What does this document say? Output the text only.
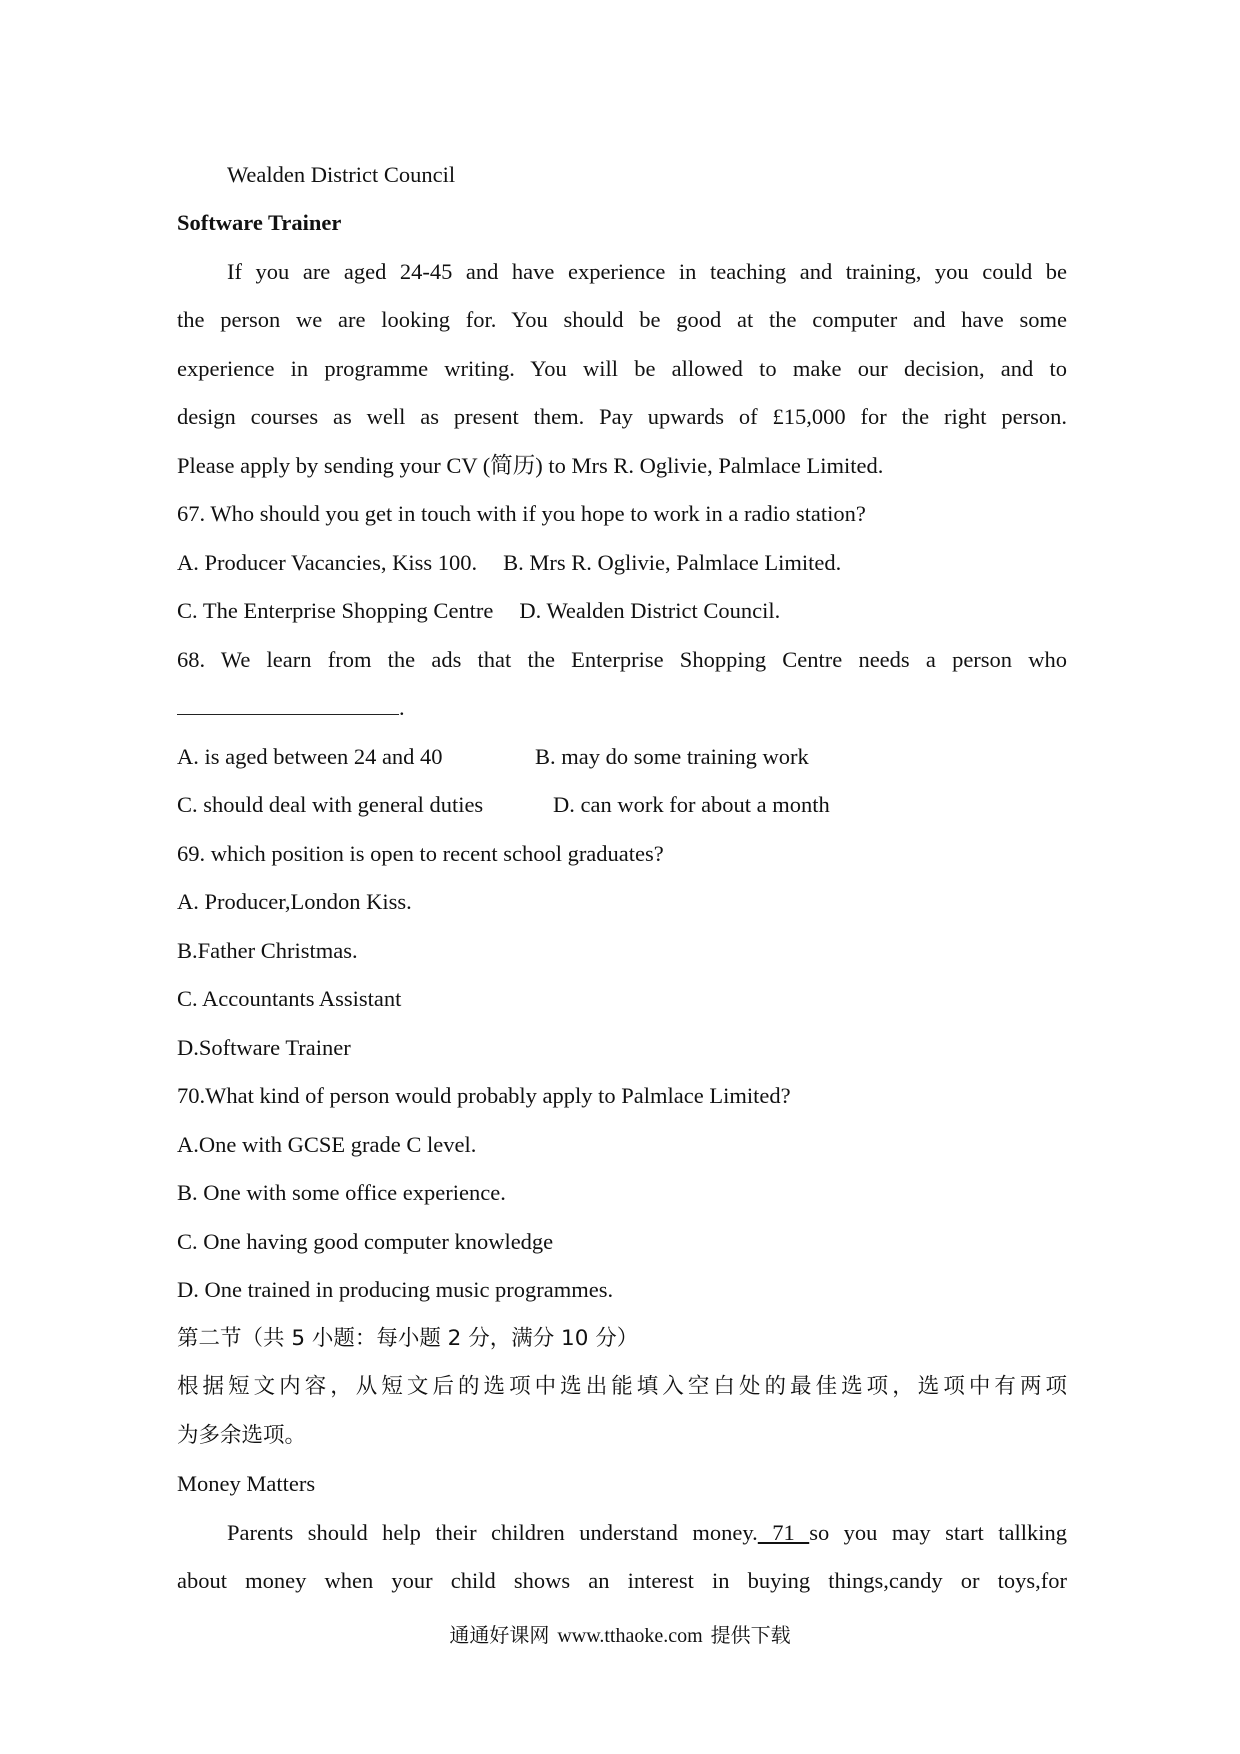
Wealden District Council
Software Trainer
If you are aged 24-45 and have experience in teaching and training, you could be
the person we are looking for. You should be good at the computer and have some
experience in programme writing. You will be allowed to make our decision, and to
design courses as well as present them. Pay upwards of £15,000 for the right person.
Please apply by sending your CV (简历) to Mrs R. Oglivie, Palmlace Limited.
67. Who should you get in touch with if you hope to work in a radio station?
A. Producer Vacancies, Kiss 100. B. Mrs R. Oglivie, Palmlace Limited.
C. The Enterprise Shopping Centre D. Wealden District Council.
68. We learn from the ads that the Enterprise Shopping Centre needs a person who
.
A. is aged between 24 and 40	B. may do some training work
C. should deal with general duties	D. can work for about a month
69. which position is open to recent school graduates?
A. Producer,London Kiss.
B.Father Christmas.
C. Accountants Assistant
D.Software Trainer
70.What kind of person would probably apply to Palmlace Limited?
A.One with GCSE grade C level.
B. One with some office experience.
C. One having good computer knowledge
D. One trained in producing music programmes.
第二节（共 5 小题：每小题 2 分，满分 10 分）
根据短文内容，从短文后的选项中选出能填入空白处的最佳选项，选项中有两项
为多余选项。
Money Matters
Parents should help their children understand money. 71 so you may start tallking
about money when your child shows an interest in buying things,candy or toys,for
通通好课网 www.tthaoke.com 提供下载
